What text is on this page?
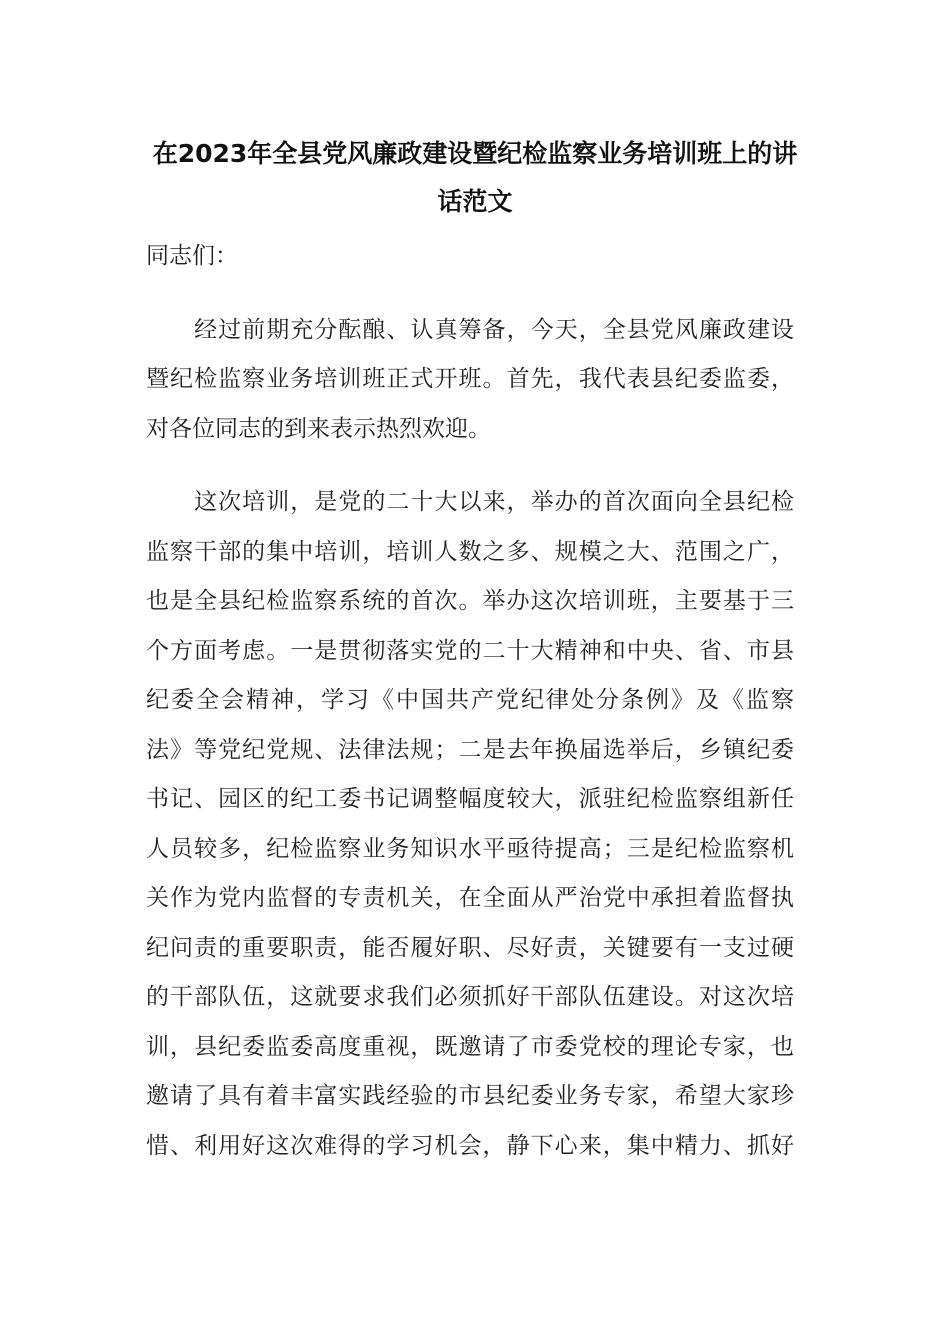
在2023年全县党风廉政建设暨纪检监察业务培训班上的讲
话范文

同志们：

　　经过前期充分酝酿、认真筹备，今天，全县党风廉政建设
暨纪检监察业务培训班正式开班。首先，我代表县纪委监委，
对各位同志的到来表示热烈欢迎。

　　这次培训，是党的二十大以来，举办的首次面向全县纪检
监察干部的集中培训，培训人数之多、规模之大、范围之广，
也是全县纪检监察系统的首次。举办这次培训班，主要基于三
个方面考虑。一是贯彻落实党的二十大精神和中央、省、市县
纪委全会精神，学习《中国共产党纪律处分条例》及《监察
法》等党纪党规、法律法规；二是去年换届选举后，乡镇纪委
书记、园区的纪工委书记调整幅度较大，派驻纪检监察组新任
人员较多，纪检监察业务知识水平亟待提高；三是纪检监察机
关作为党内监督的专责机关，在全面从严治党中承担着监督执
纪问责的重要职责，能否履好职、尽好责，关键要有一支过硬
的干部队伍，这就要求我们必须抓好干部队伍建设。对这次培
训，县纪委监委高度重视，既邀请了市委党校的理论专家，也
邀请了具有着丰富实践经验的市县纪委业务专家，希望大家珍
惜、利用好这次难得的学习机会，静下心来，集中精力、抓好
